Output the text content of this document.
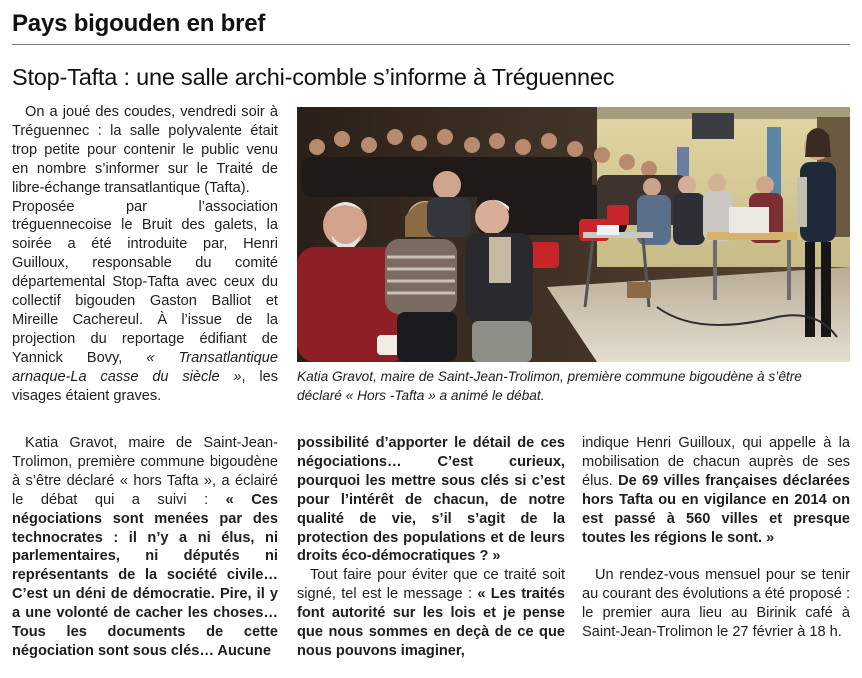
Pays bigouden en bref
Stop-Tafta : une salle archi-comble s’informe à Tréguennec

On a joué des coudes, vendredi soir à Tréguennec : la salle polyvalente était trop petite pour contenir le public venu en nombre s’informer sur le Traité de libre-échange transatlantique (Tafta).

Proposée par l’association tréguennecoise le Bruit des galets, la soirée a été introduite par, Henri Guilloux, responsable du comité départemental Stop-Tafta avec ceux du collectif bigouden Gaston Balliot et Mireille Cachereul. À l’issue de la projection du reportage édifiant de Yannick Bovy, « Transatlantique arnaque-La casse du siècle », les visages étaient graves.

Katia Gravot, maire de Saint-Jean-Trolimon, première commune bigoudène à s’être déclaré « hors Tafta », a éclairé le débat qui a suivi : « Ces négociations sont menées par des technocrates : il n’y a ni élus, ni parlementaires, ni députés ni représentants de la société civile… C’est un déni de démocratie. Pire, il y a une volonté de cacher les choses… Tous les documents de cette négociation sont sous clés… Aucune

possibilité d’apporter le détail de ces négociations… C’est curieux, pourquoi les mettre sous clés si c’est pour l’intérêt de chacun, de notre qualité de vie, s’il s’agit de la protection des populations et de leurs droits éco-démocratiques ? »

Tout faire pour éviter que ce traité soit signé, tel est le message : « Les traités font autorité sur les lois et je pense que nous sommes en deçà de ce que nous pouvons imaginer,

indique Henri Guilloux, qui appelle à la mobilisation de chacun auprès de ses élus. De 69 villes françaises déclarées hors Tafta ou en vigilance en 2014 on est passé à 560 villes et presque toutes les régions le sont. »

Un rendez-vous mensuel pour se tenir au courant des évolutions a été proposé : le premier aura lieu au Birinik café à Saint-Jean-Trolimon le 27 février à 18 h.

Katia Gravot, maire de Saint-Jean-Trolimon, première commune bigoudène à s’être déclaré « Hors -Tafta » a animé le débat.
